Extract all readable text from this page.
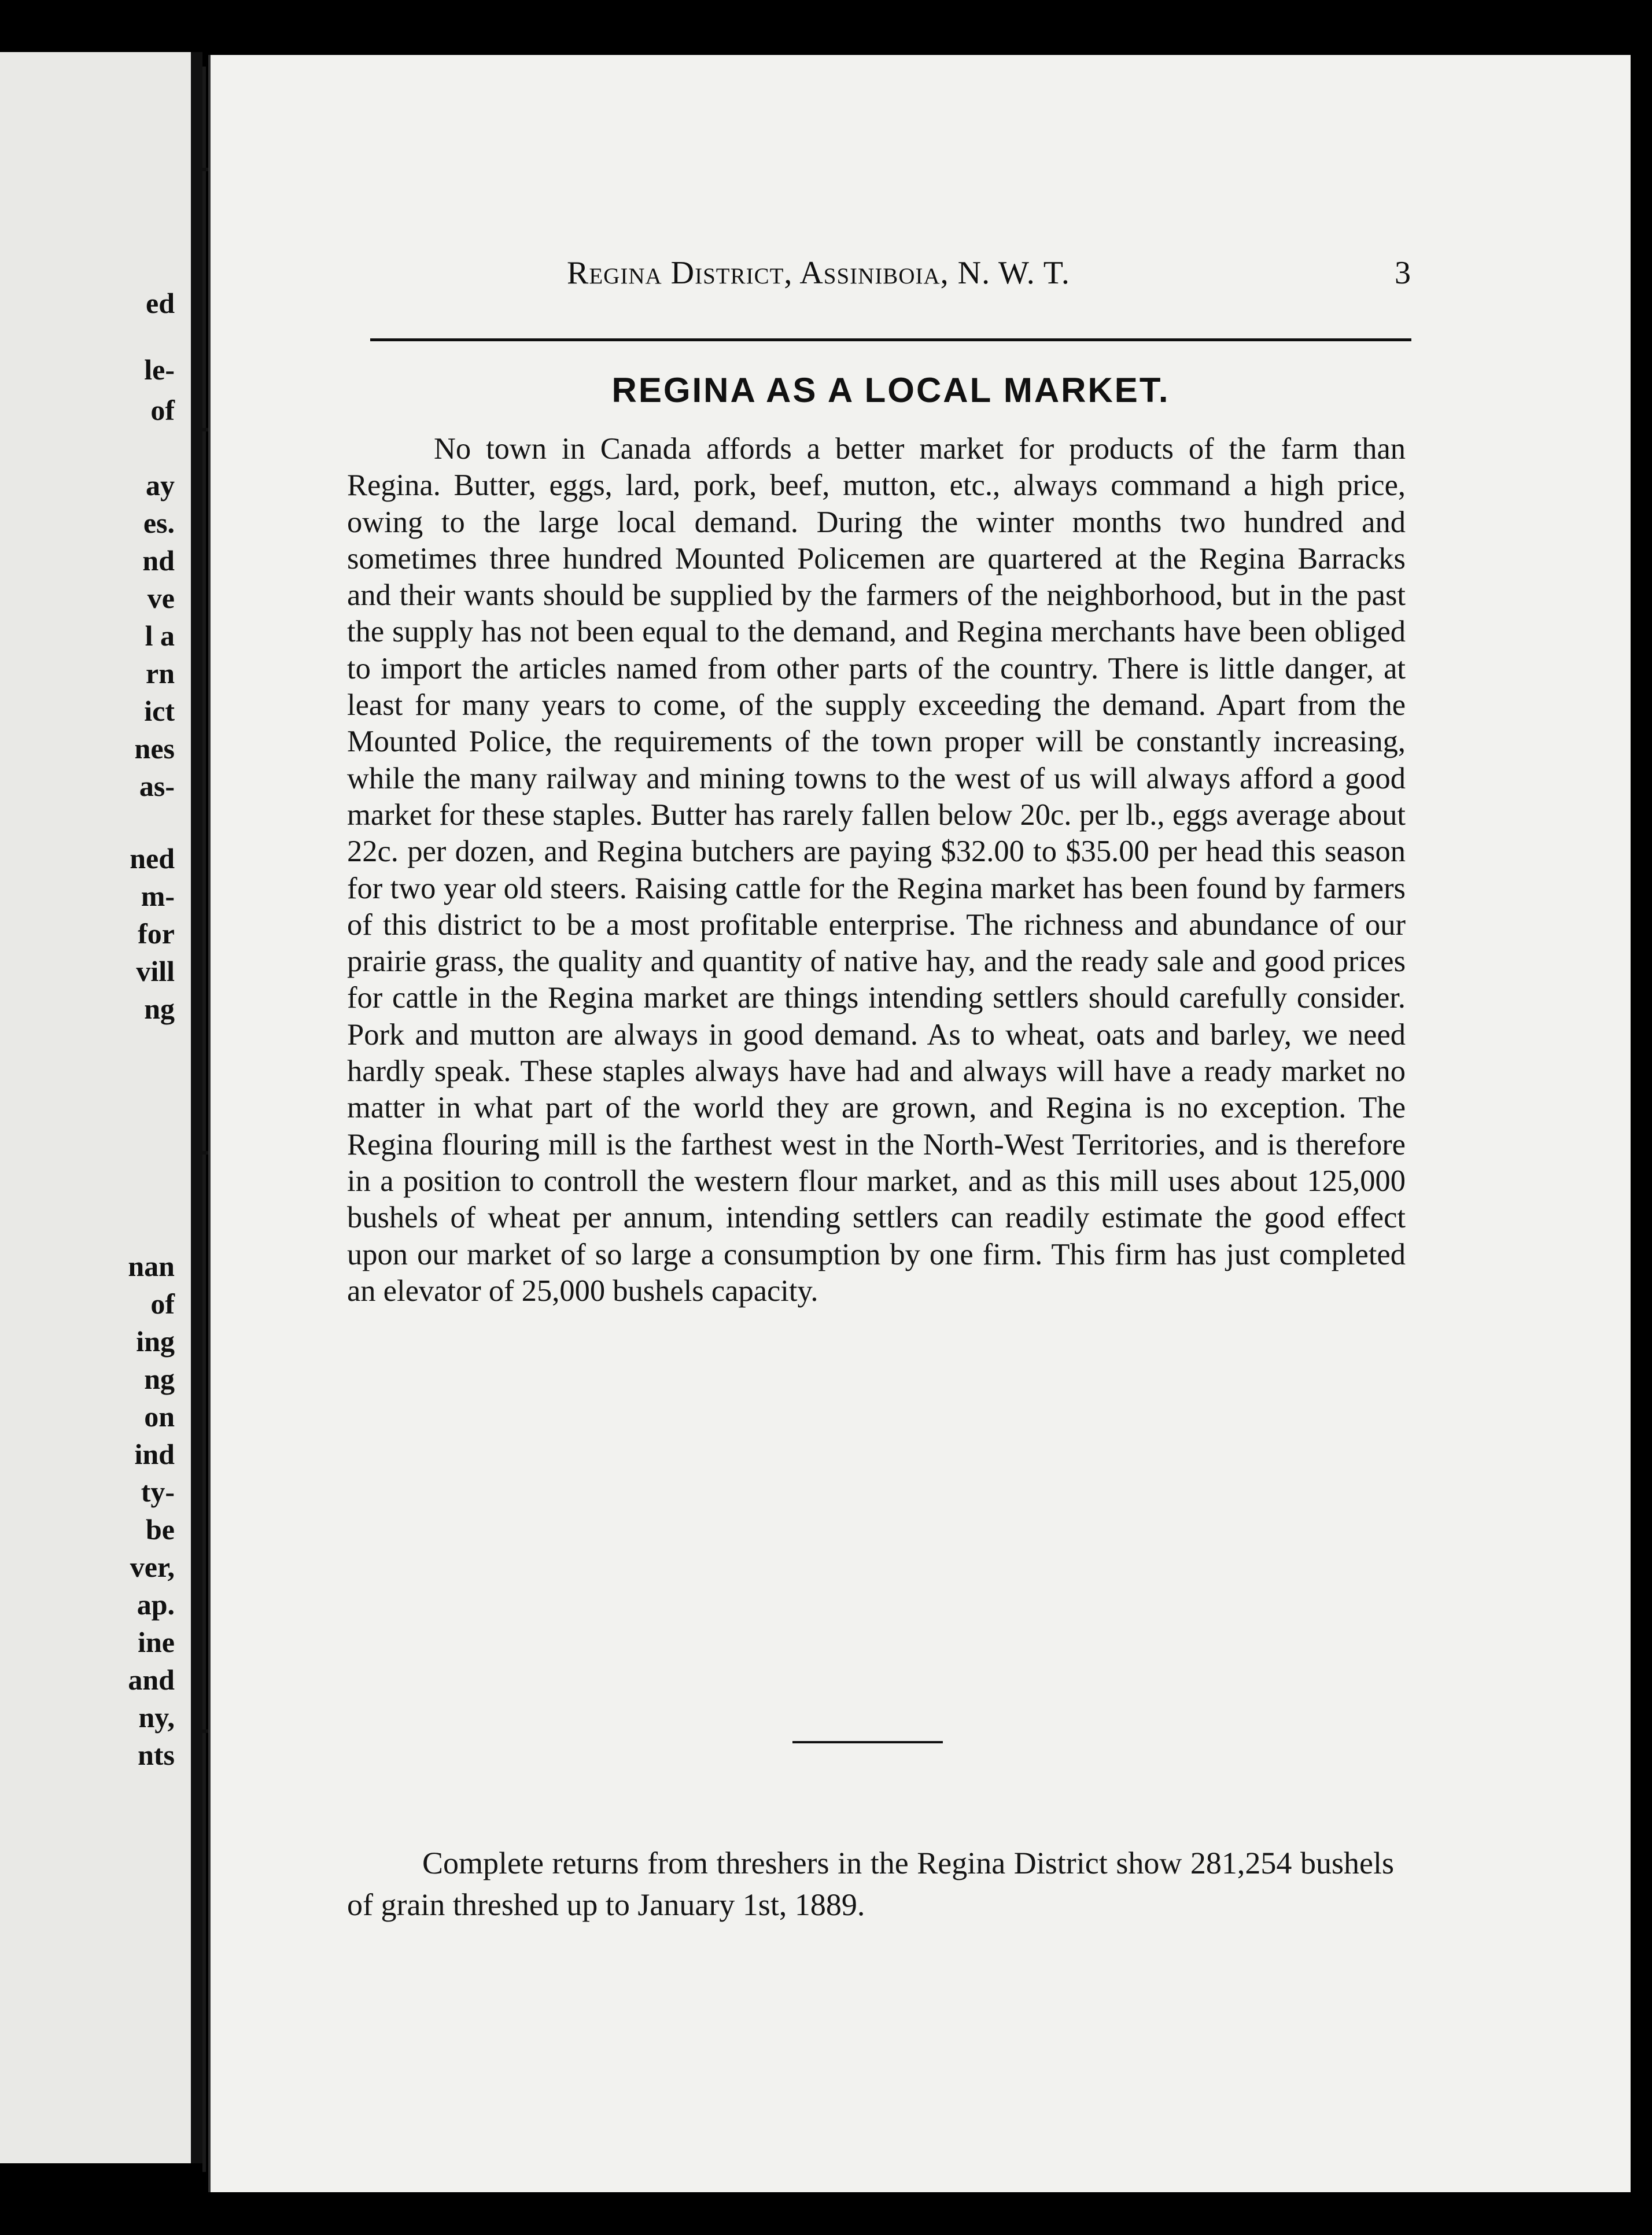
ed
le-
of
ay
es.
nd
ve
l a
rn
ict
nes
as-
ned
m-
for
vill
ng
nan
of
ing
ng
on
ind
ty-
be
ver,
ap.
ine
and
ny,
nts
Regina District, Assiniboia, N. W. T.	3
REGINA AS A LOCAL MARKET.

No town in Canada affords a better market for products of the farm than Regina. Butter, eggs, lard, pork, beef, mutton, etc., always command a high price, owing to the large local demand. During the winter months two hundred and sometimes three hundred Mounted Policemen are quartered at the Regina Barracks and their wants should be supplied by the farmers of the neighborhood, but in the past the supply has not been equal to the demand, and Regina merchants have been obliged to import the articles named from other parts of the country. There is little danger, at least for many years to come, of the supply exceeding the demand. Apart from the Mounted Police, the requirements of the town proper will be constantly increasing, while the many railway and mining towns to the west of us will always afford a good market for these staples. Butter has rarely fallen below 20c. per lb., eggs average about 22c. per dozen, and Regina butchers are paying $32.00 to $35.00 per head this season for two year old steers. Raising cattle for the Regina market has been found by farmers of this district to be a most profitable enterprise. The richness and abundance of our prairie grass, the quality and quantity of native hay, and the ready sale and good prices for cattle in the Regina market are things intending settlers should carefully consider. Pork and mutton are always in good demand. As to wheat, oats and barley, we need hardly speak. These staples always have had and always will have a ready market no matter in what part of the world they are grown, and Regina is no exception. The Regina flouring mill is the farthest west in the North-West Territories, and is therefore in a position to controll the western flour market, and as this mill uses about 125,000 bushels of wheat per annum, intending settlers can readily estimate the good effect upon our market of so large a consumption by one firm. This firm has just completed an elevator of 25,000 bushels capacity.

Complete returns from threshers in the Regina District show 281,254 bushels of grain threshed up to January 1st, 1889.
